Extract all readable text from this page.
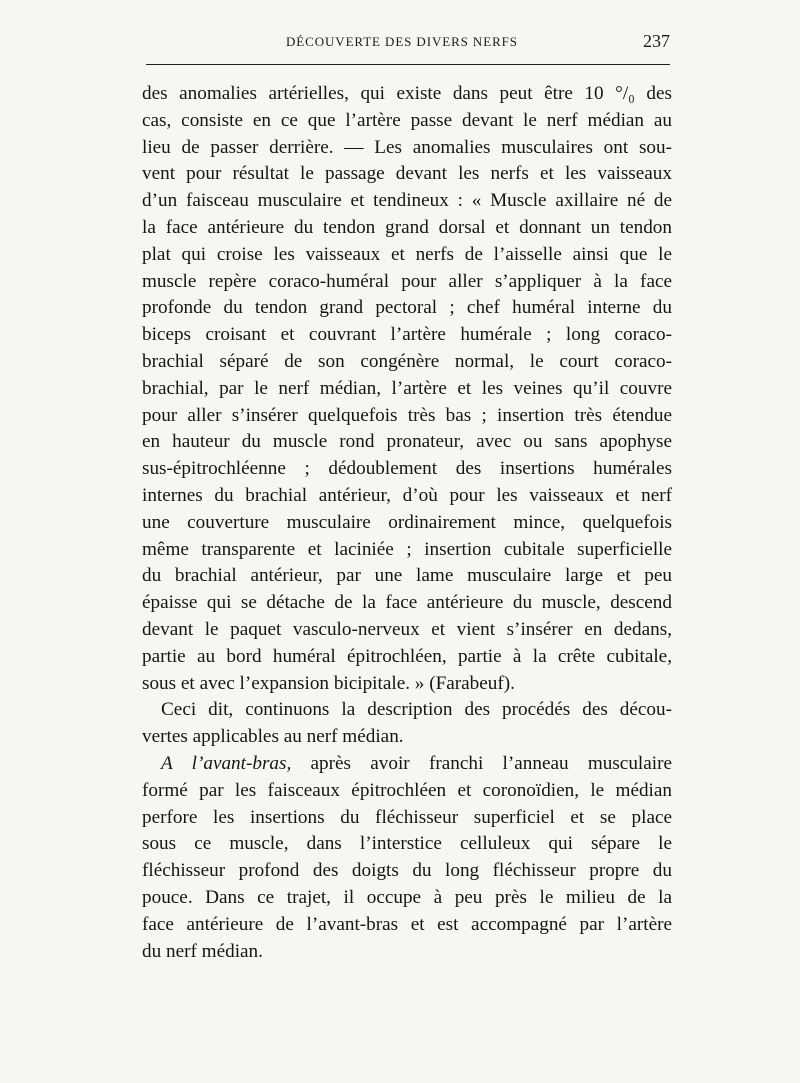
DÉCOUVERTE DES DIVERS NERFS	237
des anomalies artérielles, qui existe dans peut être 10 °/₀ des
cas, consiste en ce que l’artère passe devant le nerf médian au
lieu de passer derrière. — Les anomalies musculaires ont sou-
vent pour résultat le passage devant les nerfs et les vaisseaux
d’un faisceau musculaire et tendineux : « Muscle axillaire né de
la face antérieure du tendon grand dorsal et donnant un tendon
plat qui croise les vaisseaux et nerfs de l’aisselle ainsi que le
muscle repère coraco-huméral pour aller s’appliquer à la face
profonde du tendon grand pectoral ; chef huméral interne du
biceps croisant et couvrant l’artère humérale ; long coraco-
brachial séparé de son congénère normal, le court coraco-
brachial, par le nerf médian, l’artère et les veines qu’il couvre
pour aller s’insérer quelquefois très bas ; insertion très étendue
en hauteur du muscle rond pronateur, avec ou sans apophyse
sus-épitrochléenne ; dédoublement des insertions humérales
internes du brachial antérieur, d’où pour les vaisseaux et nerf
une couverture musculaire ordinairement mince, quelquefois
même transparente et laciniée ; insertion cubitale superficielle
du brachial antérieur, par une lame musculaire large et peu
épaisse qui se détache de la face antérieure du muscle, descend
devant le paquet vasculo-nerveux et vient s’insérer en dedans,
partie au bord huméral épitrochléen, partie à la crête cubitale,
sous et avec l’expansion bicipitale. » (Farabeuf).
Ceci dit, continuons la description des procédés des décou-
vertes applicables au nerf médian.
A l’avant-bras, après avoir franchi l’anneau musculaire
formé par les faisceaux épitrochléen et coronoïdien, le médian
perfore les insertions du fléchisseur superficiel et se place
sous ce muscle, dans l’interstice celluleux qui sépare le
fléchisseur profond des doigts du long fléchisseur propre du
pouce. Dans ce trajet, il occupe à peu près le milieu de la
face antérieure de l’avant-bras et est accompagné par l’artère
du nerf médian.
